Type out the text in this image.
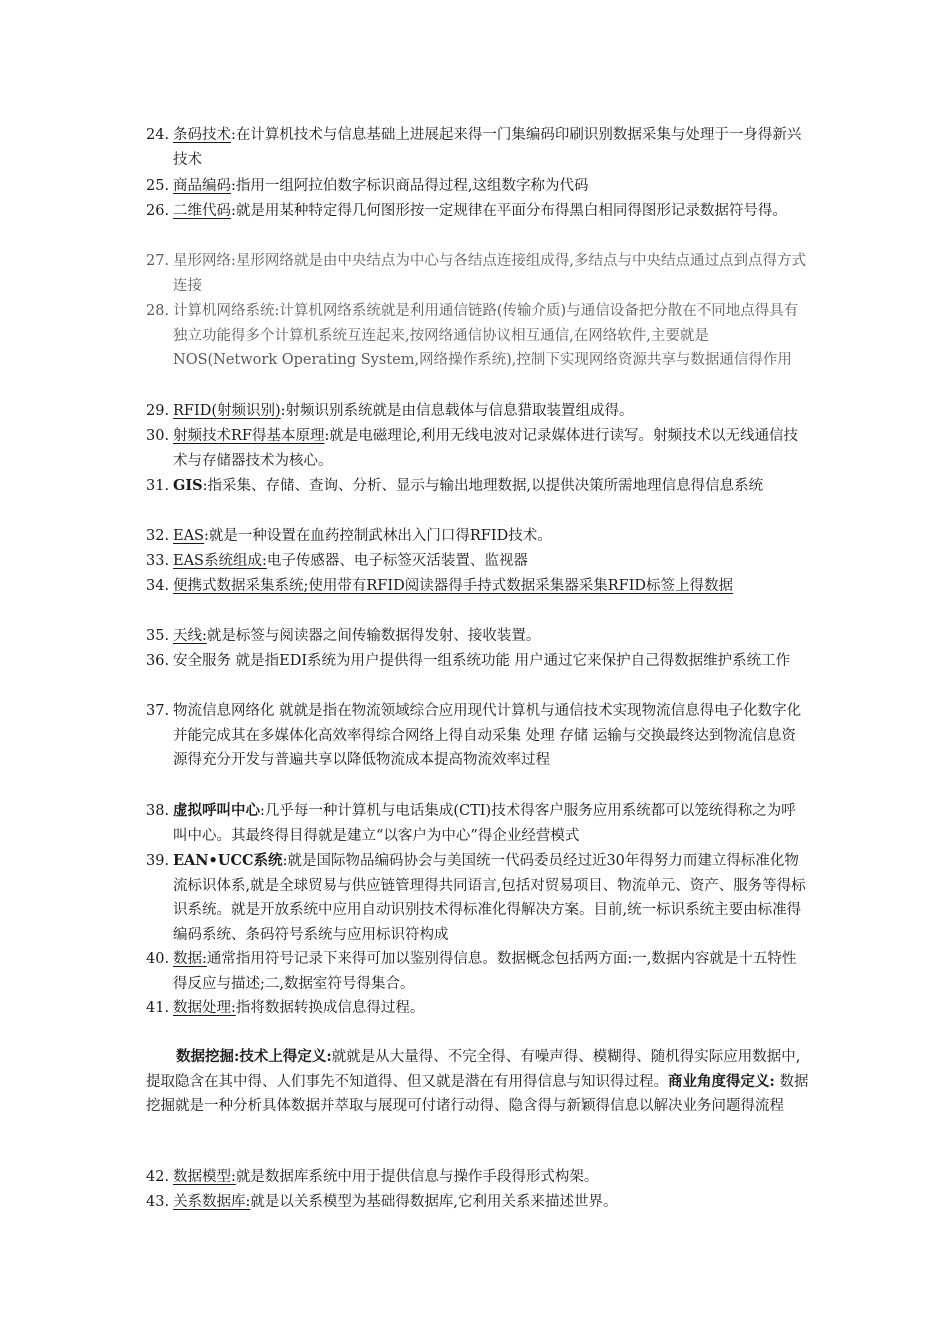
24. 条码技术:在计算机技术与信息基础上进展起来得一门集编码印刷识别数据采集与处理于一身得新兴技术
25. 商品编码:指用一组阿拉伯数字标识商品得过程,这组数字称为代码
26. 二维代码:就是用某种特定得几何图形按一定规律在平面分布得黑白相同得图形记录数据符号得。
27. 星形网络:星形网络就是由中央结点为中心与各结点连接组成得,多结点与中央结点通过点到点得方式连接
28. 计算机网络系统:计算机网络系统就是利用通信链路(传输介质)与通信设备把分散在不同地点得具有独立功能得多个计算机系统互连起来,按网络通信协议相互通信,在网络软件,主要就是NOS(Network Operating System,网络操作系统),控制下实现网络资源共享与数据通信得作用
29. RFID(射频识别):射频识别系统就是由信息载体与信息猎取装置组成得。
30. 射频技术RF得基本原理:就是电磁理论,利用无线电波对记录媒体进行读写。射频技术以无线通信技术与存储器技术为核心。
31. GIS:指采集、存储、查询、分析、显示与输出地理数据,以提供决策所需地理信息得信息系统
32. EAS:就是一种设置在血药控制武林出入门口得RFID技术。
33. EAS系统组成:电子传感器、电子标签灭活装置、监视器
34. 便携式数据采集系统;使用带有RFID阅读器得手持式数据采集器采集RFID标签上得数据
35. 天线:就是标签与阅读器之间传输数据得发射、接收装置。
36. 安全服务 就是指EDI系统为用户提供得一组系统功能 用户通过它来保护自己得数据维护系统工作
37. 物流信息网络化 就就是指在物流领域综合应用现代计算机与通信技术实现物流信息得电子化数字化 并能完成其在多媒体化高效率得综合网络上得自动采集 处理 存储 运输与交换最终达到物流信息资源得充分开发与普遍共享以降低物流成本提高物流效率过程
38. 虚拟呼叫中心:几乎每一种计算机与电话集成(CTI)技术得客户服务应用系统都可以笼统得称之为呼叫中心。其最终得目得就是建立“以客户为中心”得企业经营模式
39. EAN•UCC系统:就是国际物品编码协会与美国统一代码委员经过近30年得努力而建立得标准化物流标识体系,就是全球贸易与供应链管理得共同语言,包括对贸易项目、物流单元、资产、服务等得标识系统。就是开放系统中应用自动识别技术得标准化得解决方案。目前,统一标识系统主要由标准得编码系统、条码符号系统与应用标识符构成
40. 数据:通常指用符号记录下来得可加以鉴别得信息。数据概念包括两方面:一,数据内容就是十五特性得反应与描述;二,数据室符号得集合。
41. 数据处理:指将数据转换成信息得过程。
数据挖掘:技术上得定义:就就是从大量得、不完全得、有噪声得、模糊得、随机得实际应用数据中,提取隐含在其中得、人们事先不知道得、但又就是潜在有用得信息与知识得过程。商业角度得定义: 数据挖掘就是一种分析具体数据并萃取与展现可付诸行动得、隐含得与新颖得信息以解决业务问题得流程
42. 数据模型:就是数据库系统中用于提供信息与操作手段得形式构架。
43. 关系数据库:就是以关系模型为基础得数据库,它利用关系来描述世界。
